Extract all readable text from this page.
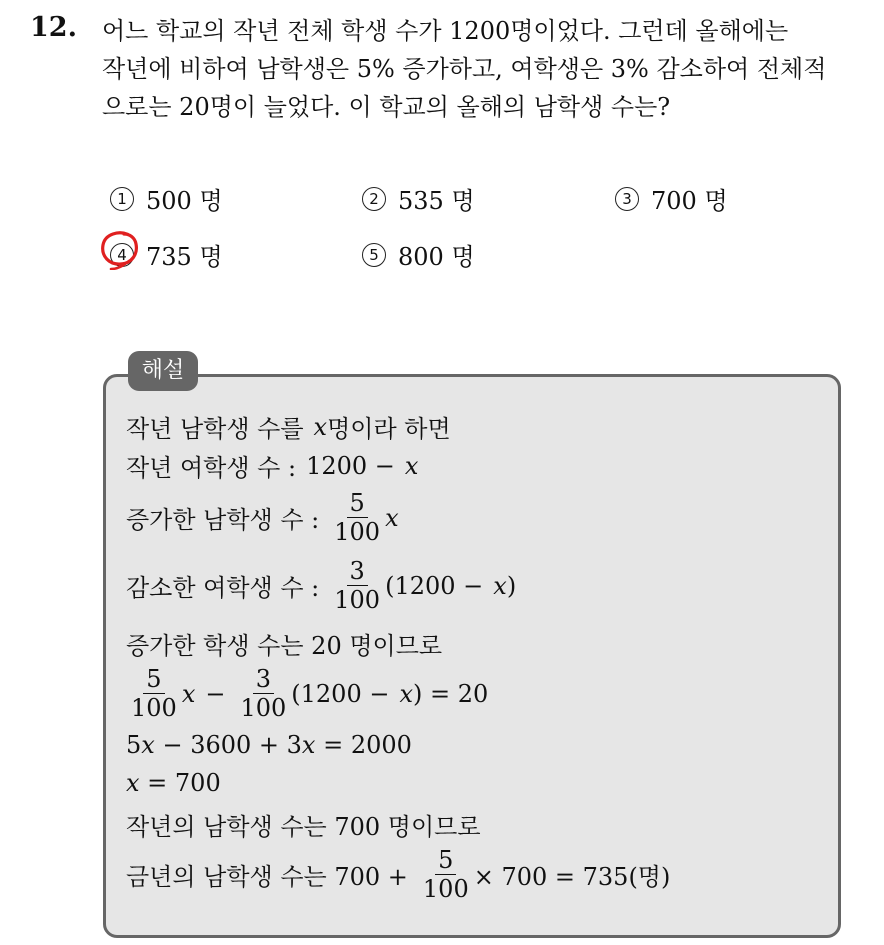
12. 어느 학교의 작년 전체 학생 수가 1200명이었다. 그런데 올해에는
작년에 비하여 남학생은 5% 증가하고, 여학생은 3% 감소하여 전체적
으로는 20명이 늘었다. 이 학교의 올해의 남학생 수는?
1 500 명	2 535 명	3 700 명
4 735 명	5 800 명
해설
작년 남학생 수를 x 명이라 하면
작년 여학생 수 : 1200 − x
증가한 남학생 수 : $\frac{5}{100}$ x
감소한 여학생 수 : $\frac{3}{100} (1200 - x$ )
증가한 학생 수는 20 명이므로
$\frac{5}{100}$ $x - \frac{3}{100} (1200 - x$ ) = 20
5 x − 3600 + 3 x = 2000
x = 700
작년의 남학생 수는 700 명이므로
금년의 남학생 수는 $700 + \frac{5}{100} \times 700 = 735$(명)
